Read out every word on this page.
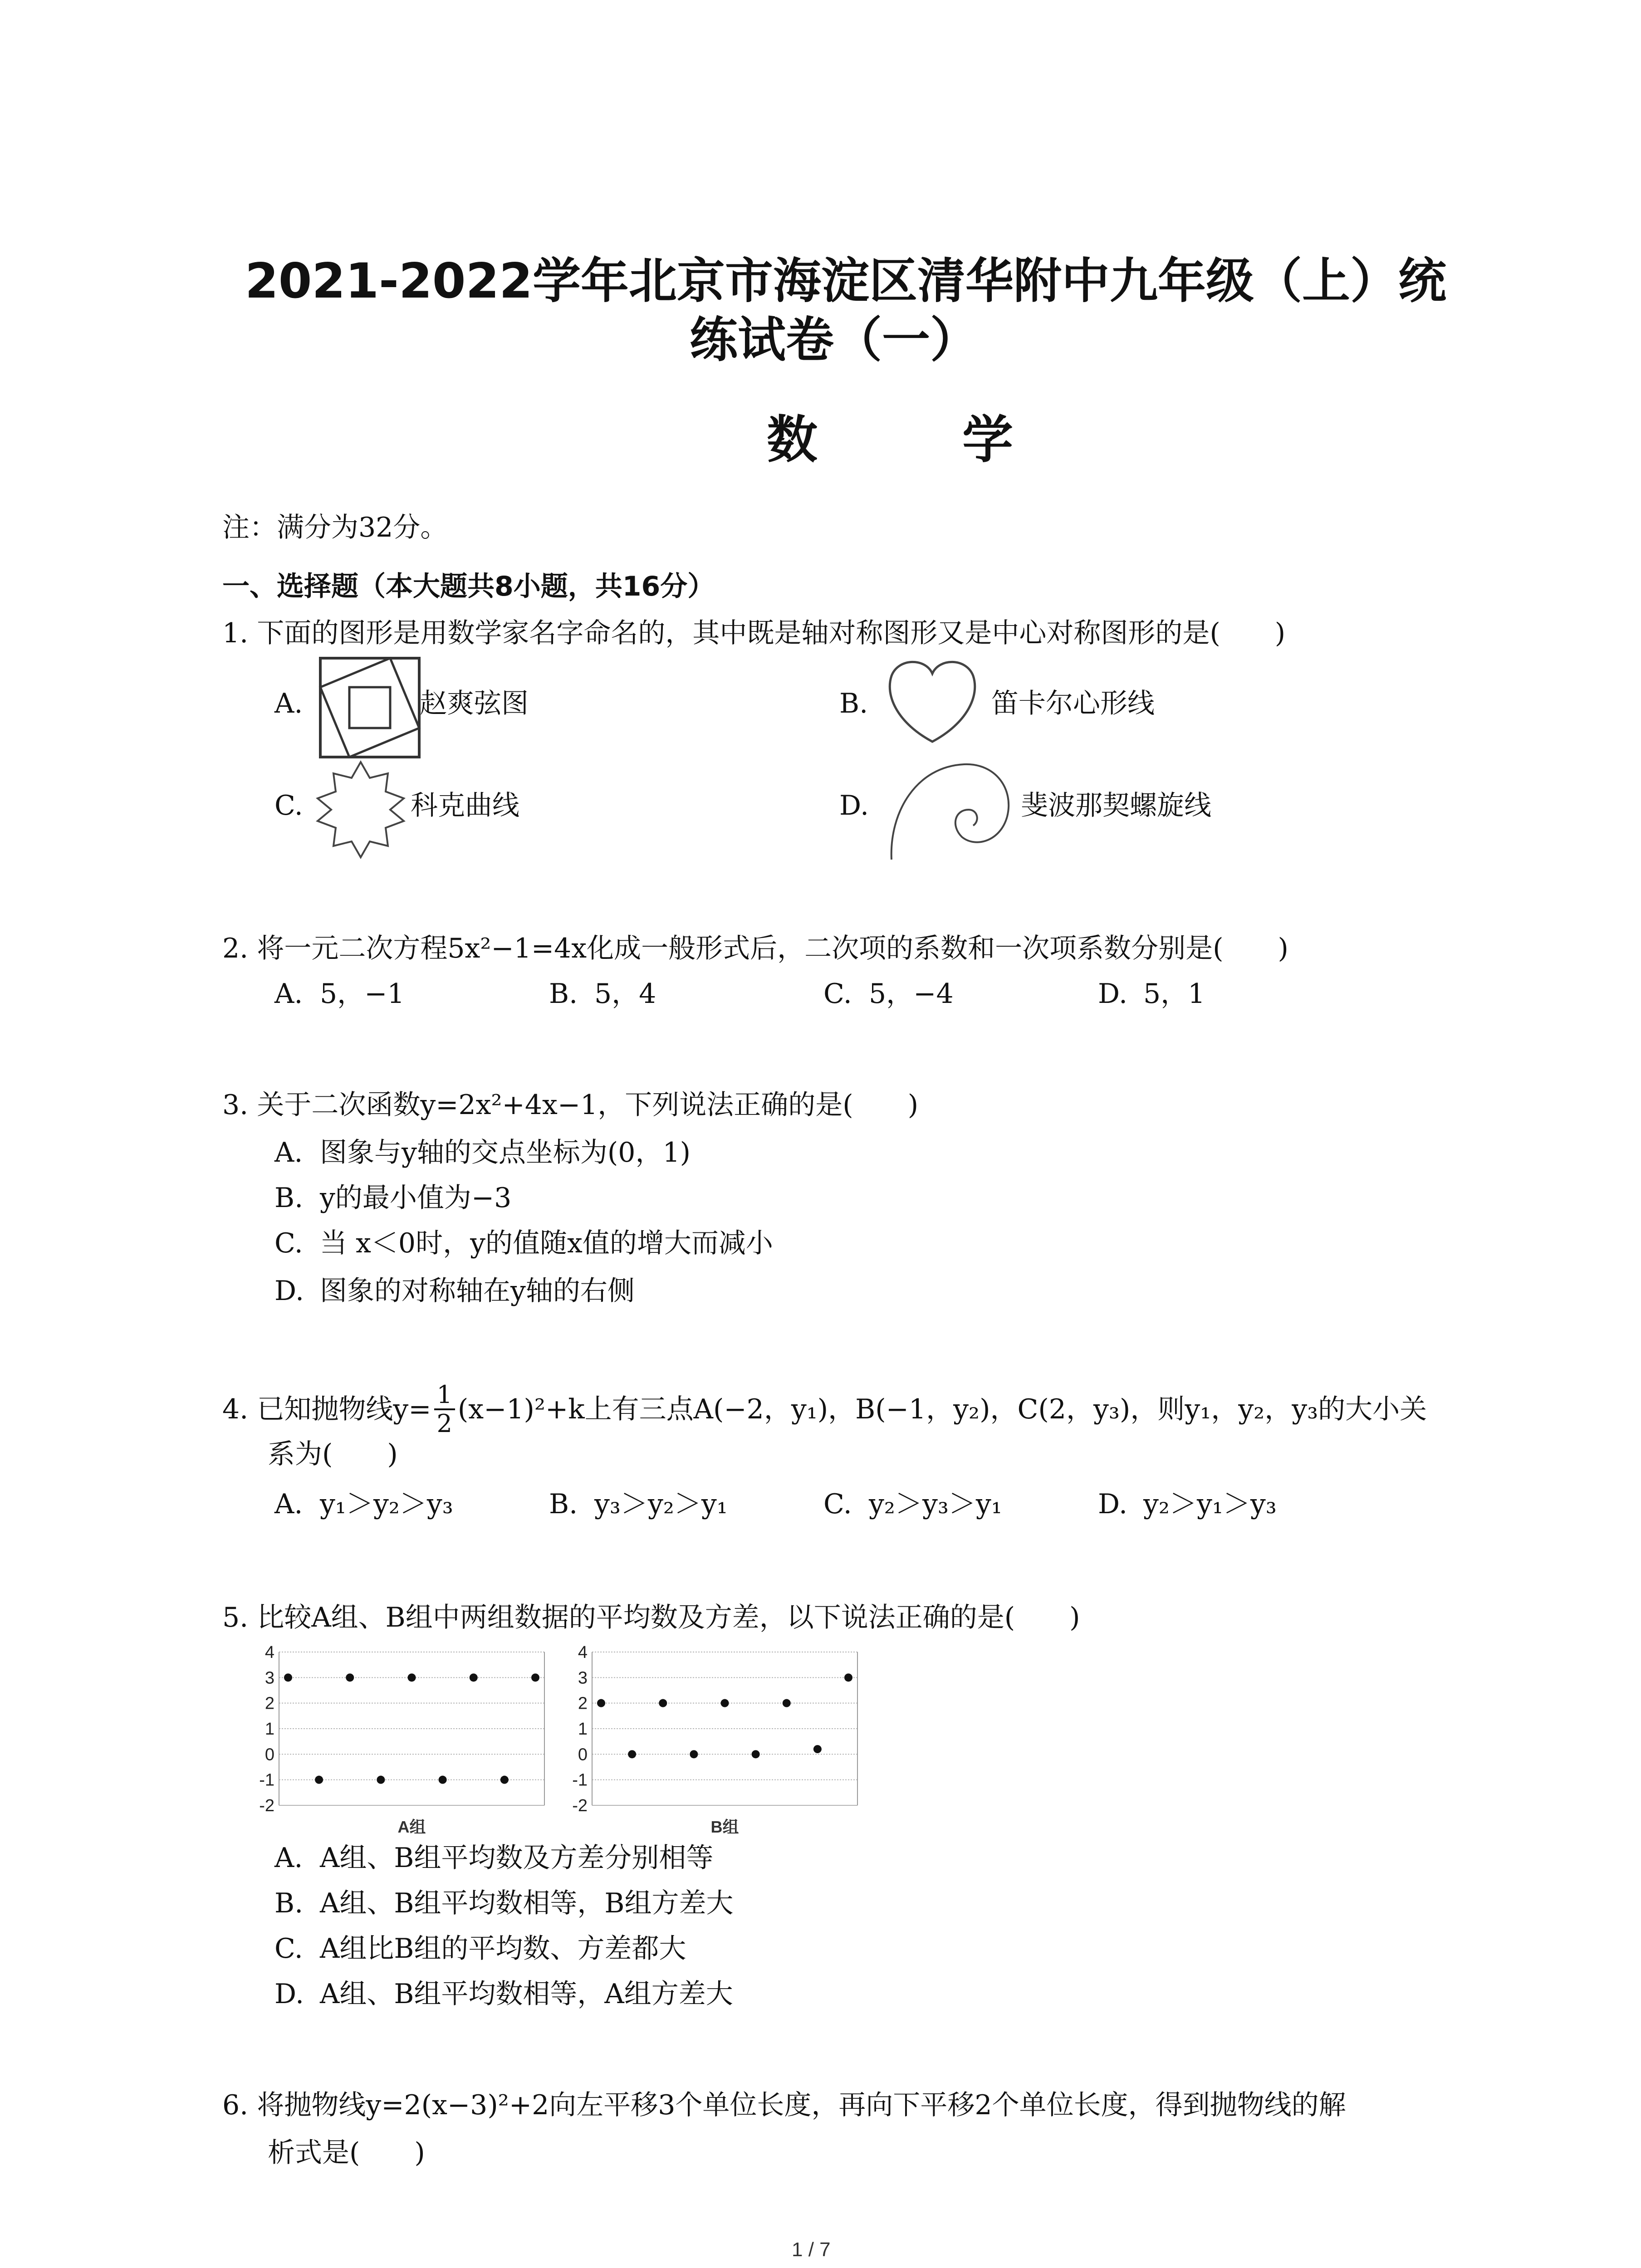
2021-2022学年北京市海淀区清华附中九年级（上）统
练试卷（一）
数 学
注：满分为32分。
一、选择题（本大题共8小题，共16分）
1. 下面的图形是用数学家名字命名的，其中既是轴对称图形又是中心对称图形的是(　　)
A.	赵爽弦图	B.	笛卡尔心形线
C.	科克曲线	D.	斐波那契螺旋线
2. 将一元二次方程5x²−1=4x化成一般形式后，二次项的系数和一次项系数分别是(　　)
A. 5，−1	B. 5，4	C. 5，−4	D. 5，1
3. 关于二次函数y=2x²+4x−1，下列说法正确的是(　　)
A. 图象与y轴的交点坐标为(0，1)
B. y的最小值为−3
C. 当 x＜0时，y的值随x值的增大而减小
D. 图象的对称轴在y轴的右侧
4. 已知抛物线$y= \frac{1}{2} (x-1)^2+k$上有三点A(−2，y₁)，B(−1，y₂)，C(2，y₃)，则y₁，y₂，y₃的大小关
系为(　　)
A. y₁＞y₂＞y₃	B. y₃＞y₂＞y₁	C. y₂＞y₃＞y₁	D. y₂＞y₁＞y₃
5. 比较A组、B组中两组数据的平均数及方差，以下说法正确的是(　　)
4
3
2
1
0
-1
-2
A组
4
3
2
1
0
-1
-2
B组
A. A组、B组平均数及方差分别相等
B. A组、B组平均数相等，B组方差大
C. A组比B组的平均数、方差都大
D. A组、B组平均数相等，A组方差大
6. 将抛物线y=2(x−3)²+2向左平移3个单位长度，再向下平移2个单位长度，得到抛物线的解
析式是(　　)
1 / 7
